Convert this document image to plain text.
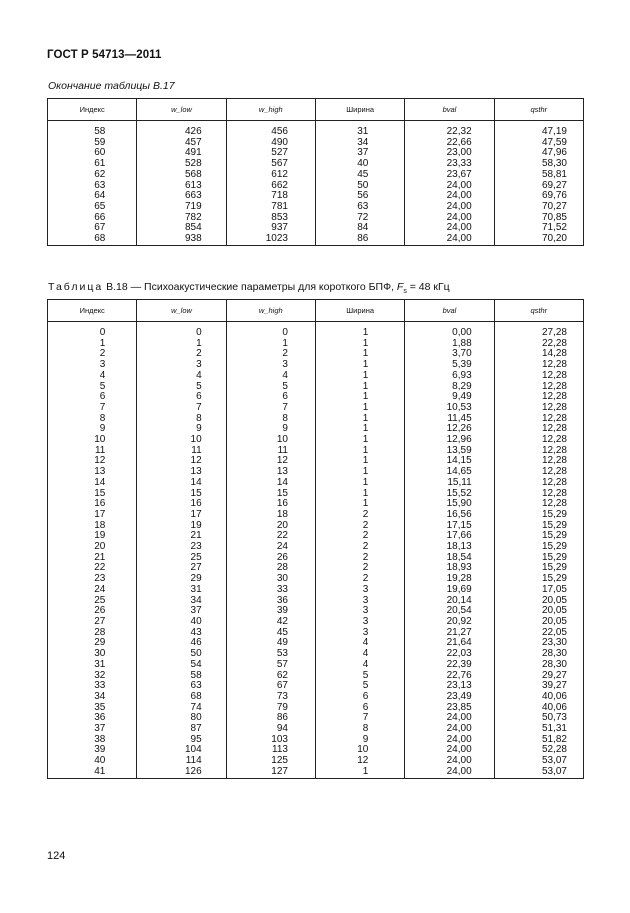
ГОСТ Р 54713—2011
Окончание таблицы В.17
Индекс	w_low	w_high	Ширина	bval	qsthr
58	426	456	31	22,32	47,19
59	457	490	34	22,66	47,59
60	491	527	37	23,00	47,96
61	528	567	40	23,33	58,30
62	568	612	45	23,67	58,81
63	613	662	50	24,00	69,27
64	663	718	56	24,00	69,76
65	719	781	63	24,00	70,27
66	782	853	72	24,00	70,85
67	854	937	84	24,00	71,52
68	938	1023	86	24,00	70,20
Таблица В.18 — Психоакустические параметры для короткого БПФ, $F_s = 48$ кГц
Индекс	w_low	w_high	Ширина	bval	qsthr
0	0	0	1	0,00	27,28
1	1	1	1	1,88	22,28
2	2	2	1	3,70	14,28
3	3	3	1	5,39	12,28
4	4	4	1	6,93	12,28
5	5	5	1	8,29	12,28
6	6	6	1	9,49	12,28
7	7	7	1	10,53	12,28
8	8	8	1	11,45	12,28
9	9	9	1	12,26	12,28
10	10	10	1	12,96	12,28
11	11	11	1	13,59	12,28
12	12	12	1	14,15	12,28
13	13	13	1	14,65	12,28
14	14	14	1	15,11	12,28
15	15	15	1	15,52	12,28
16	16	16	1	15,90	12,28
17	17	18	2	16,56	15,29
18	19	20	2	17,15	15,29
19	21	22	2	17,66	15,29
20	23	24	2	18,13	15,29
21	25	26	2	18,54	15,29
22	27	28	2	18,93	15,29
23	29	30	2	19,28	15,29
24	31	33	3	19,69	17,05
25	34	36	3	20,14	20,05
26	37	39	3	20,54	20,05
27	40	42	3	20,92	20,05
28	43	45	3	21,27	22,05
29	46	49	4	21,64	23,30
30	50	53	4	22,03	28,30
31	54	57	4	22,39	28,30
32	58	62	5	22,76	29,27
33	63	67	5	23,13	39,27
34	68	73	6	23,49	40,06
35	74	79	6	23,85	40,06
36	80	86	7	24,00	50,73
37	87	94	8	24,00	51,31
38	95	103	9	24,00	51,82
39	104	113	10	24,00	52,28
40	114	125	12	24,00	53,07
41	126	127	1	24,00	53,07
124
